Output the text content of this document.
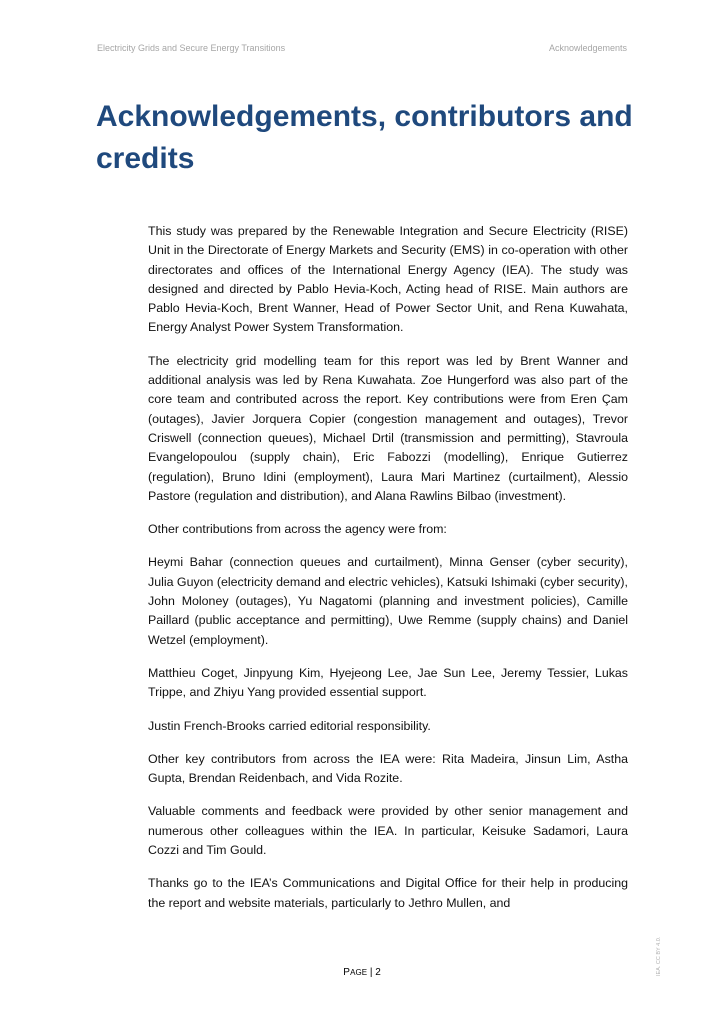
Electricity Grids and Secure Energy Transitions	Acknowledgements
Acknowledgements, contributors and credits

This study was prepared by the Renewable Integration and Secure Electricity (RISE) Unit in the Directorate of Energy Markets and Security (EMS) in co-operation with other directorates and offices of the International Energy Agency (IEA). The study was designed and directed by Pablo Hevia-Koch, Acting head of RISE. Main authors are Pablo Hevia-Koch, Brent Wanner, Head of Power Sector Unit, and Rena Kuwahata, Energy Analyst Power System Transformation.

The electricity grid modelling team for this report was led by Brent Wanner and additional analysis was led by Rena Kuwahata. Zoe Hungerford was also part of the core team and contributed across the report. Key contributions were from Eren Çam (outages), Javier Jorquera Copier (congestion management and outages), Trevor Criswell (connection queues), Michael Drtil (transmission and permitting), Stavroula Evangelopoulou (supply chain), Eric Fabozzi (modelling), Enrique Gutierrez (regulation), Bruno Idini (employment), Laura Mari Martinez (curtailment), Alessio Pastore (regulation and distribution), and Alana Rawlins Bilbao (investment).

Other contributions from across the agency were from:

Heymi Bahar (connection queues and curtailment), Minna Genser (cyber security), Julia Guyon (electricity demand and electric vehicles), Katsuki Ishimaki (cyber security), John Moloney (outages), Yu Nagatomi (planning and investment policies), Camille Paillard (public acceptance and permitting), Uwe Remme (supply chains) and Daniel Wetzel (employment).

Matthieu Coget, Jinpyung Kim, Hyejeong Lee, Jae Sun Lee, Jeremy Tessier, Lukas Trippe, and Zhiyu Yang provided essential support.

Justin French-Brooks carried editorial responsibility.

Other key contributors from across the IEA were: Rita Madeira, Jinsun Lim, Astha Gupta, Brendan Reidenbach, and Vida Rozite.

Valuable comments and feedback were provided by other senior management and numerous other colleagues within the IEA. In particular, Keisuke Sadamori, Laura Cozzi and Tim Gould.

Thanks go to the IEA’s Communications and Digital Office for their help in producing the report and website materials, particularly to Jethro Mullen, and

PAGE | 2	IEA. CC BY 4.0.
